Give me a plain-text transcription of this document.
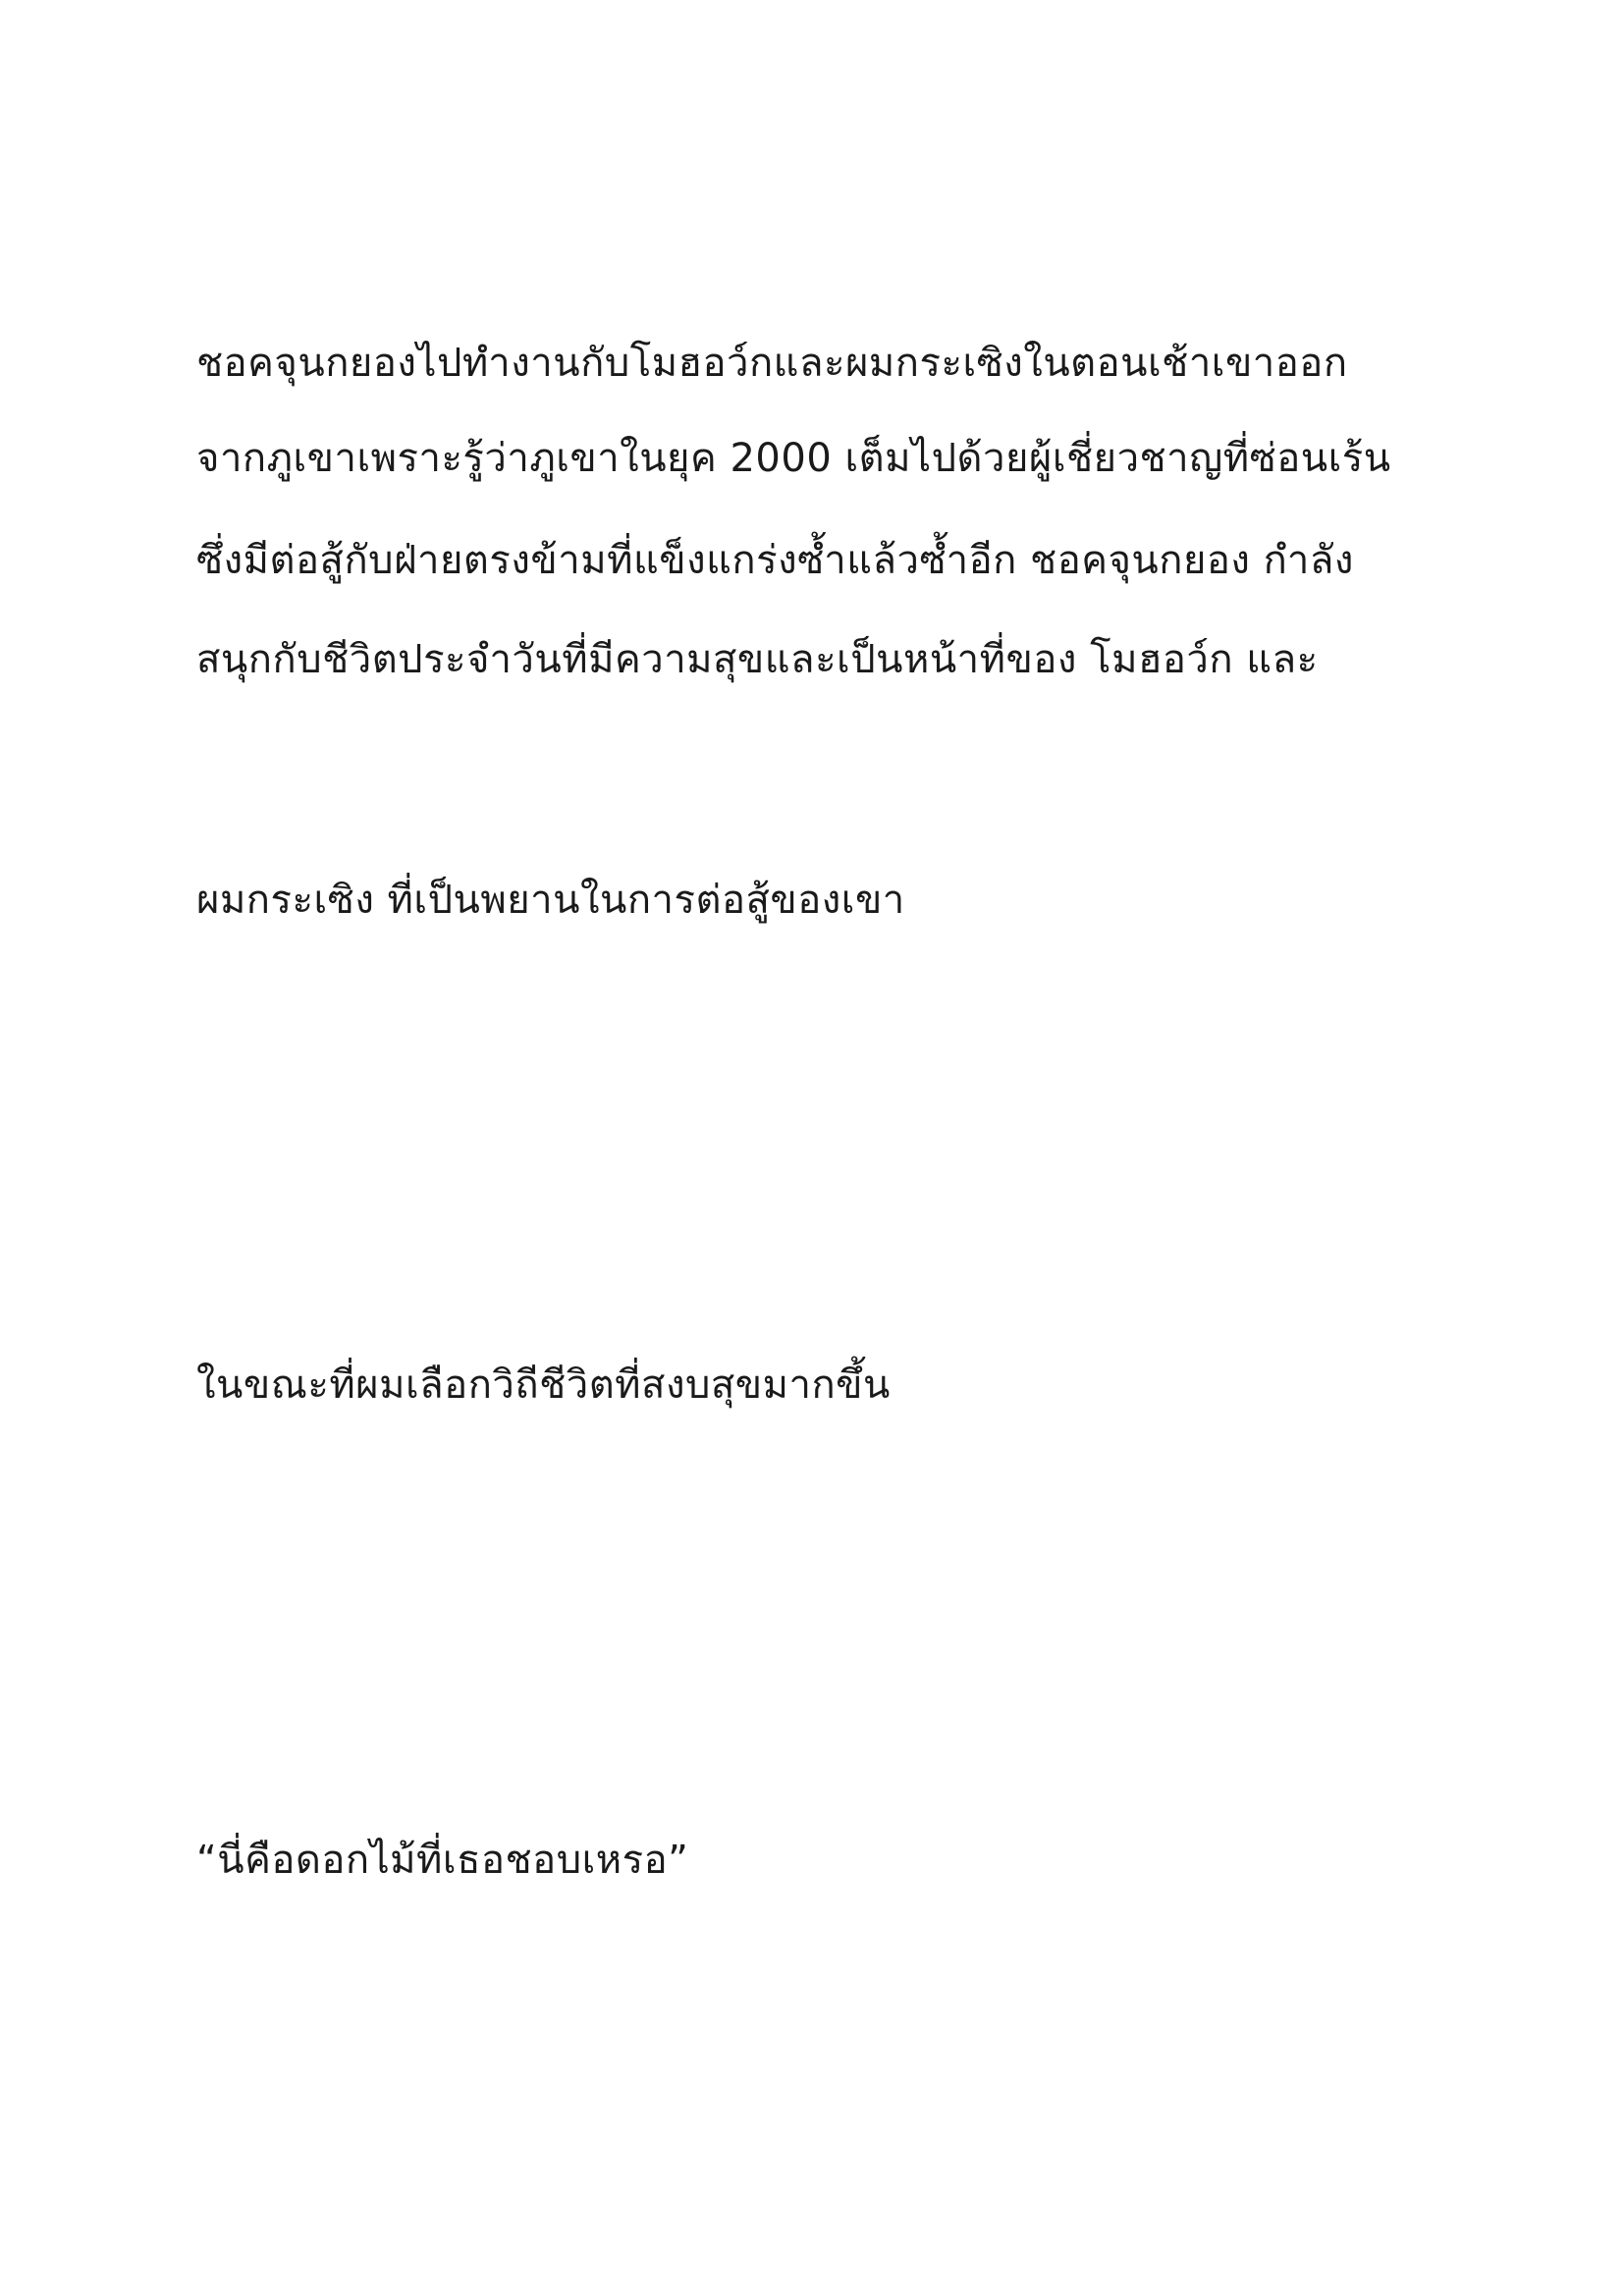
ชอคจุนกยองไปทำงานกับโมฮอว์กและผมกระเซิงในตอนเช้าเขาออก
จากภูเขาเพราะรู้ว่าภูเขาในยุค 2000 เต็มไปด้วยผู้เชี่ยวชาญที่ซ่อนเร้น
ซึ่งมีต่อสู้กับฝ่ายตรงข้ามที่แข็งแกร่งซ้ำแล้วซ้ำอีก ชอคจุนกยอง กำลัง
สนุกกับชีวิตประจำวันที่มีความสุขและเป็นหน้าที่ของ โมฮอว์ก และ
ผมกระเซิง ที่เป็นพยานในการต่อสู้ของเขา
ในขณะที่ผมเลือกวิถีชีวิตที่สงบสุขมากขึ้น
“นี่คือดอกไม้ที่เธอชอบเหรอ”
